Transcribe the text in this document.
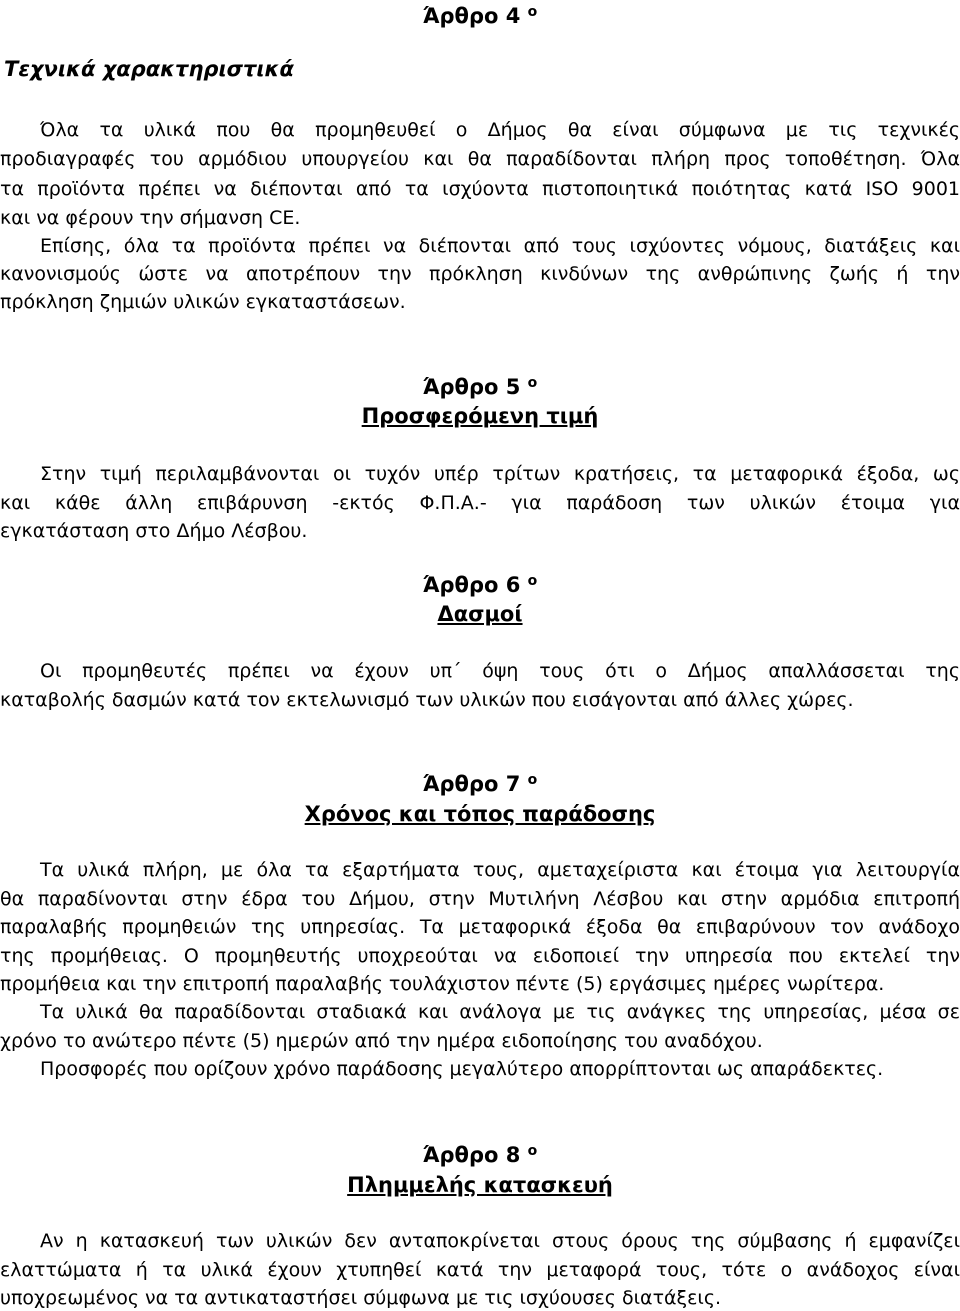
Άρθρο 4 $^o$
Τεχνικά χαρακτηριστικά

Όλα τα υλικά που θα προμηθευθεί ο Δήμος θα είναι σύμφωνα με τις τεχνικές

προδιαγραφές του αρμόδιου υπουργείου και θα παραδίδονται πλήρη προς τοποθέτηση. Όλα

τα προϊόντα πρέπει να διέπονται από τα ισχύοντα πιστοποιητικά ποιότητας κατά ISO 9001

και να φέρουν την σήμανση CE.

Επίσης, όλα τα προϊόντα πρέπει να διέπονται από τους ισχύοντες νόμους, διατάξεις και

κανονισμούς ώστε να αποτρέπουν την πρόκληση κινδύνων της ανθρώπινης ζωής ή την

πρόκληση ζημιών υλικών εγκαταστάσεων.

Άρθρο 5 $^o$
Προσφερόμενη τιμή

Στην τιμή περιλαμβάνονται οι τυχόν υπέρ τρίτων κρατήσεις, τα μεταφορικά έξοδα, ως

και κάθε άλλη επιβάρυνση -εκτός Φ.Π.Α.- για παράδοση των υλικών έτοιμα για

εγκατάσταση στο Δήμο Λέσβου.

Άρθρο 6 $^o$
Δασμοί

Οι προμηθευτές πρέπει να έχουν υπ΄ όψη τους ότι ο Δήμος απαλλάσσεται της

καταβολής δασμών κατά τον εκτελωνισμό των υλικών που εισάγονται από άλλες χώρες.

Άρθρο 7 $^o$
Χρόνος και τόπος παράδοσης

Τα υλικά πλήρη, με όλα τα εξαρτήματα τους, αμεταχείριστα και έτοιμα για λειτουργία

θα παραδίνονται στην έδρα του Δήμου, στην Μυτιλήνη Λέσβου και στην αρμόδια επιτροπή

παραλαβής προμηθειών της υπηρεσίας. Τα μεταφορικά έξοδα θα επιβαρύνουν τον ανάδοχο

της προμήθειας. Ο προμηθευτής υποχρεούται να ειδοποιεί την υπηρεσία που εκτελεί την

προμήθεια και την επιτροπή παραλαβής τουλάχιστον πέντε (5) εργάσιμες ημέρες νωρίτερα.

Τα υλικά θα παραδίδονται σταδιακά και ανάλογα με τις ανάγκες της υπηρεσίας, μέσα σε

χρόνο το ανώτερο πέντε (5) ημερών από την ημέρα ειδοποίησης του αναδόχου.

Προσφορές που ορίζουν χρόνο παράδοσης μεγαλύτερο απορρίπτονται ως απαράδεκτες.

Άρθρο 8 $^o$
Πλημμελής κατασκευή

Αν η κατασκευή των υλικών δεν ανταποκρίνεται στους όρους της σύμβασης ή εμφανίζει

ελαττώματα ή τα υλικά έχουν χτυπηθεί κατά την μεταφορά τους, τότε ο ανάδοχος είναι

υποχρεωμένος να τα αντικαταστήσει σύμφωνα με τις ισχύουσες διατάξεις.
